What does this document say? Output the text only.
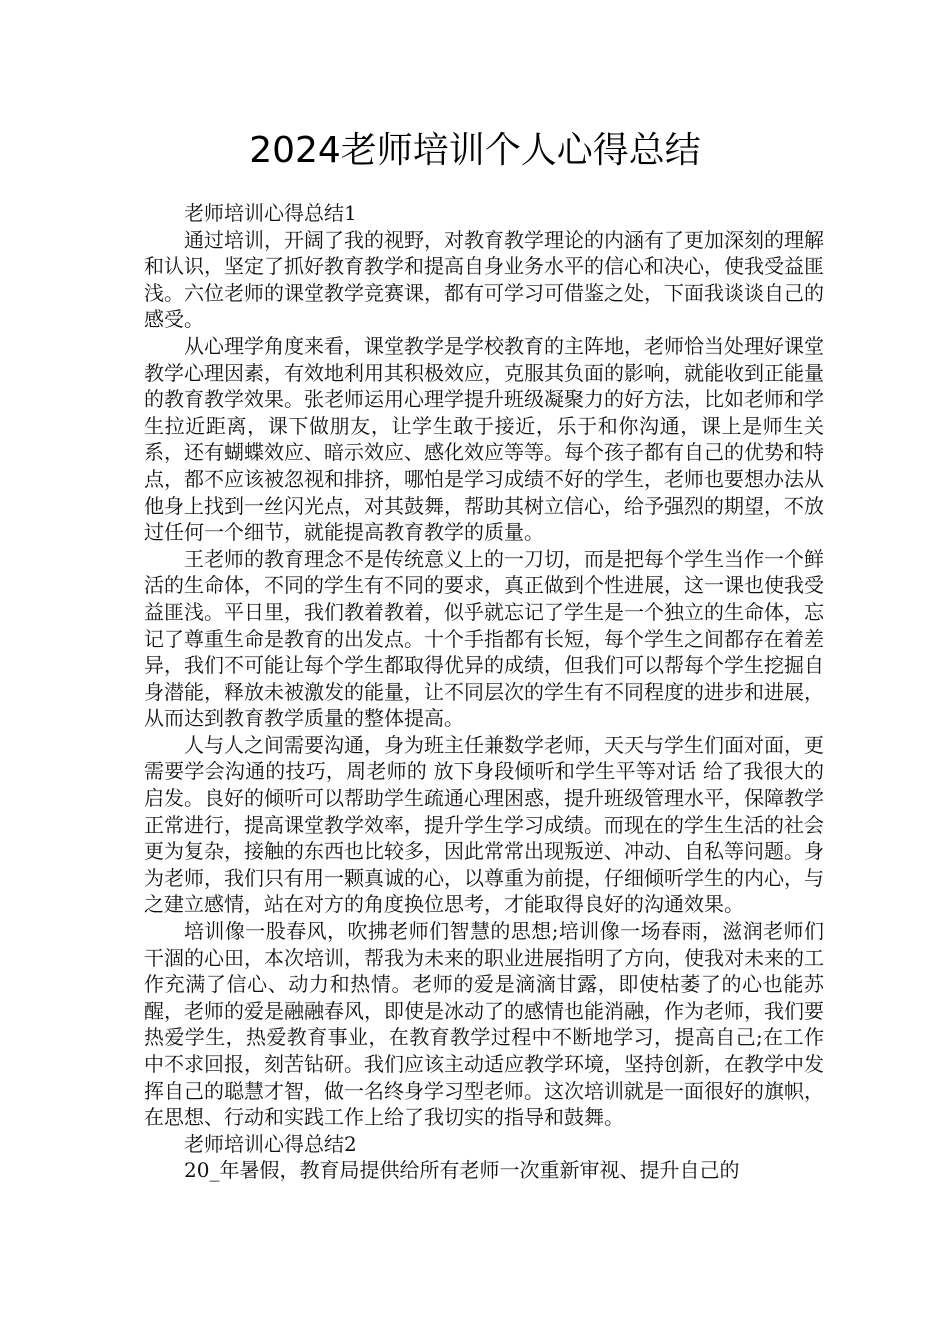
2024老师培训个人心得总结

老师培训心得总结1

通过培训，开阔了我的视野，对教育教学理论的内涵有了更加深刻的理解和认识，坚定了抓好教育教学和提高自身业务水平的信心和决心，使我受益匪浅。六位老师的课堂教学竞赛课，都有可学习可借鉴之处，下面我谈谈自己的感受。

从心理学角度来看，课堂教学是学校教育的主阵地，老师恰当处理好课堂教学心理因素，有效地利用其积极效应，克服其负面的影响，就能收到正能量的教育教学效果。张老师运用心理学提升班级凝聚力的好方法，比如老师和学生拉近距离，课下做朋友，让学生敢于接近，乐于和你沟通，课上是师生关系，还有蝴蝶效应、暗示效应、感化效应等等。每个孩子都有自己的优势和特点，都不应该被忽视和排挤，哪怕是学习成绩不好的学生，老师也要想办法从他身上找到一丝闪光点，对其鼓舞，帮助其树立信心，给予强烈的期望，不放过任何一个细节，就能提高教育教学的质量。

王老师的教育理念不是传统意义上的一刀切，而是把每个学生当作一个鲜活的生命体，不同的学生有不同的要求，真正做到个性进展，这一课也使我受益匪浅。平日里，我们教着教着，似乎就忘记了学生是一个独立的生命体，忘记了尊重生命是教育的出发点。十个手指都有长短，每个学生之间都存在着差异，我们不可能让每个学生都取得优异的成绩，但我们可以帮每个学生挖掘自身潜能，释放未被激发的能量，让不同层次的学生有不同程度的进步和进展，从而达到教育教学质量的整体提高。

人与人之间需要沟通，身为班主任兼数学老师，天天与学生们面对面，更需要学会沟通的技巧，周老师的 放下身段倾听和学生平等对话 给了我很大的启发。良好的倾听可以帮助学生疏通心理困惑，提升班级管理水平，保障教学正常进行，提高课堂教学效率，提升学生学习成绩。而现在的学生生活的社会更为复杂，接触的东西也比较多，因此常常出现叛逆、冲动、自私等问题。身为老师，我们只有用一颗真诚的心，以尊重为前提，仔细倾听学生的内心，与之建立感情，站在对方的角度换位思考，才能取得良好的沟通效果。

培训像一股春风，吹拂老师们智慧的思想;培训像一场春雨，滋润老师们干涸的心田，本次培训，帮我为未来的职业进展指明了方向，使我对未来的工作充满了信心、动力和热情。老师的爱是滴滴甘露，即使枯萎了的心也能苏醒，老师的爱是融融春风，即使是冰动了的感情也能消融，作为老师，我们要热爱学生，热爱教育事业，在教育教学过程中不断地学习，提高自己;在工作中不求回报，刻苦钻研。我们应该主动适应教学环境，坚持创新，在教学中发挥自己的聪慧才智，做一名终身学习型老师。这次培训就是一面很好的旗帜，在思想、行动和实践工作上给了我切实的指导和鼓舞。

老师培训心得总结2

20_年暑假，教育局提供给所有老师一次重新审视、提升自己的
